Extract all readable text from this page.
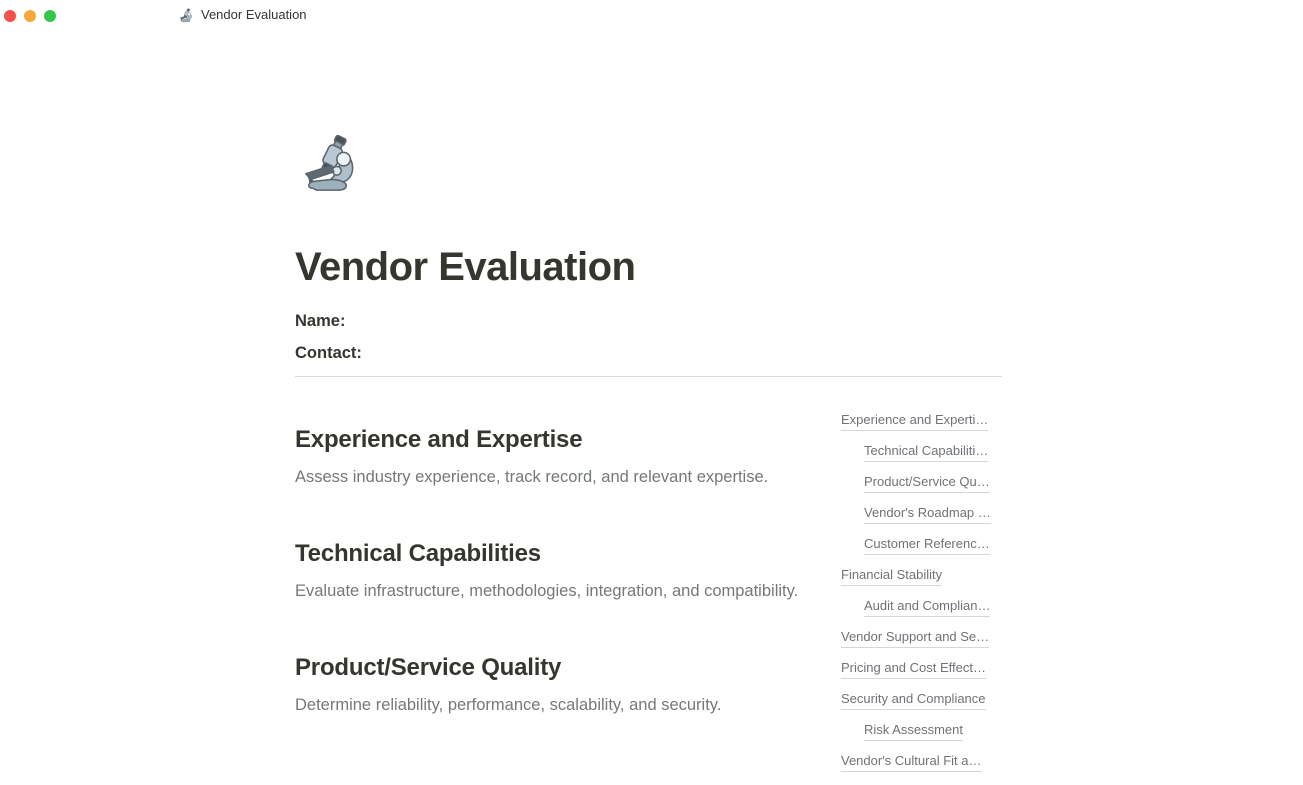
Vendor Evaluation
Vendor Evaluation

Name:

Contact:

Experience and Expertise

Assess industry experience, track record, and relevant expertise.

Technical Capabilities

Evaluate infrastructure, methodologies, integration, and compatibility.

Product/Service Quality

Determine reliability, performance, scalability, and security.

Experience and Experti…
Technical Capabiliti…
Product/Service Qu…
Vendor's Roadmap …
Customer Referenc…
Financial Stability
Audit and Complian…
Vendor Support and Se…
Pricing and Cost Effect…
Security and Compliance
Risk Assessment
Vendor's Cultural Fit a…
